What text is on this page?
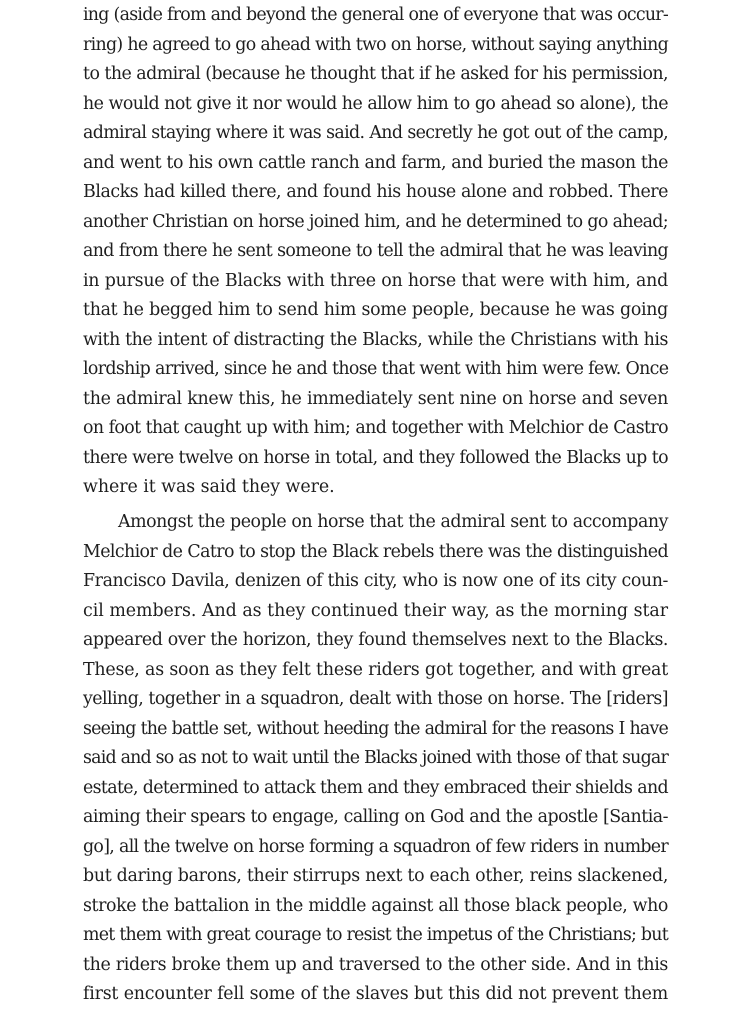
ing (aside from and beyond the general one of everyone that was occur-
ring) he agreed to go ahead with two on horse, without saying anything
to the admiral (because he thought that if he asked for his permission,
he would not give it nor would he allow him to go ahead so alone), the
admiral staying where it was said. And secretly he got out of the camp,
and went to his own cattle ranch and farm, and buried the mason the
Blacks had killed there, and found his house alone and robbed. There
another Christian on horse joined him, and he determined to go ahead;
and from there he sent someone to tell the admiral that he was leaving
in pursue of the Blacks with three on horse that were with him, and
that he begged him to send him some people, because he was going
with the intent of distracting the Blacks, while the Christians with his
lordship arrived, since he and those that went with him were few. Once
the admiral knew this, he immediately sent nine on horse and seven
on foot that caught up with him; and together with Melchior de Castro
there were twelve on horse in total, and they followed the Blacks up to
where it was said they were.
Amongst the people on horse that the admiral sent to accompany
Melchior de Catro to stop the Black rebels there was the distinguished
Francisco Davila, denizen of this city, who is now one of its city coun-
cil members. And as they continued their way, as the morning star
appeared over the horizon, they found themselves next to the Blacks.
These, as soon as they felt these riders got together, and with great
yelling, together in a squadron, dealt with those on horse. The [riders]
seeing the battle set, without heeding the admiral for the reasons I have
said and so as not to wait until the Blacks joined with those of that sugar
estate, determined to attack them and they embraced their shields and
aiming their spears to engage, calling on God and the apostle [Santia-
go], all the twelve on horse forming a squadron of few riders in number
but daring barons, their stirrups next to each other, reins slackened,
stroke the battalion in the middle against all those black people, who
met them with great courage to resist the impetus of the Christians; but
the riders broke them up and traversed to the other side. And in this
first encounter fell some of the slaves but this did not prevent them
